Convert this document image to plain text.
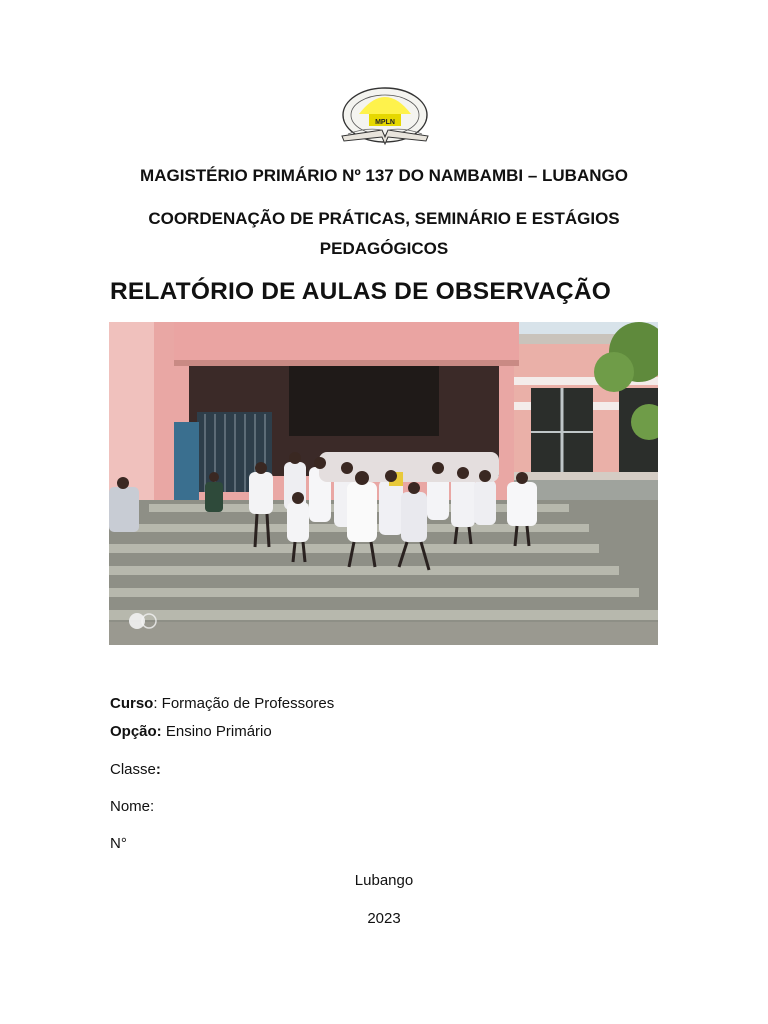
MPLN
MAGISTÉRIO PRIMÁRIO Nº 137 DO NAMBAMBI – LUBANGO
COORDENAÇÃO DE PRÁTICAS, SEMINÁRIO E ESTÁGIOS PEDAGÓGICOS
RELATÓRIO DE AULAS DE OBSERVAÇÃO
Curso: Formação de Professores
Opção: Ensino Primário
Classe:
Nome:
N°
Lubango
2023
